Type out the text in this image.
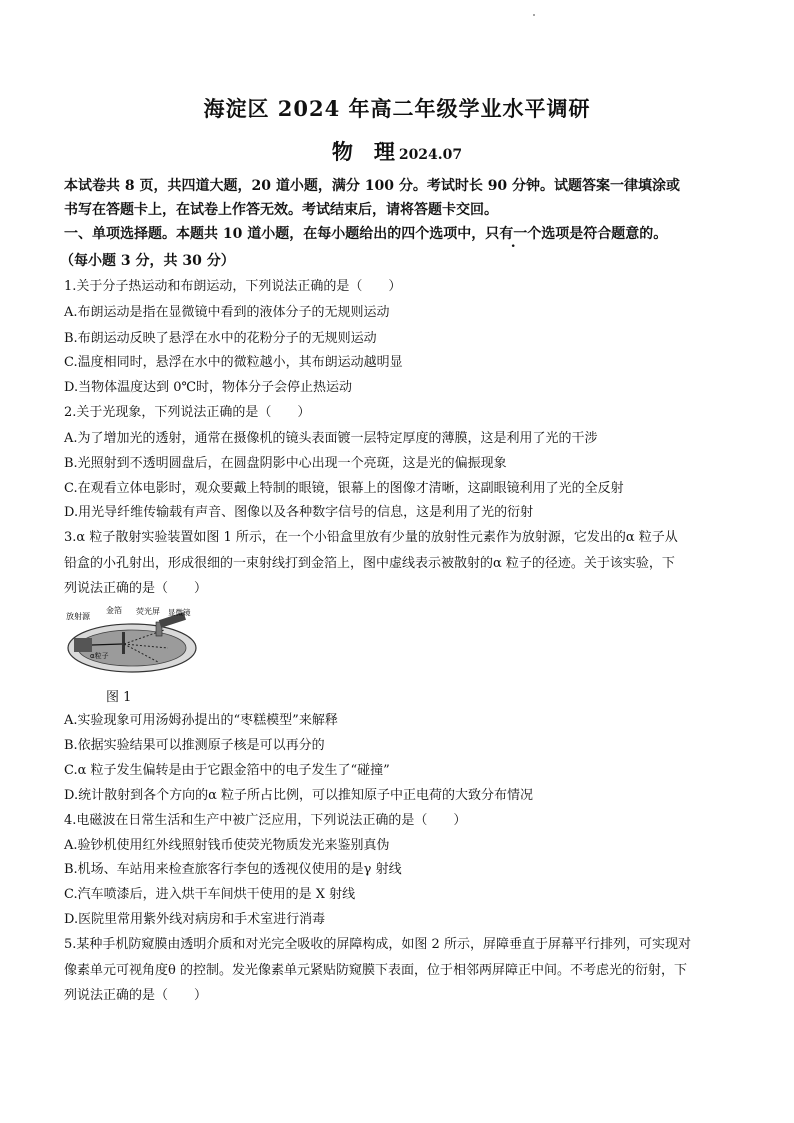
海淀区 2024 年高二年级学业水平调研
物　理 2024.07
本试卷共 8 页，共四道大题，20 道小题，满分 100 分。考试时长 90 分钟。试题答案一律填涂或
书写在答题卡上，在试卷上作答无效。考试结束后，请将答题卡交回。
一、单项选择题。本题共 10 道小题，在每小题给出的四个选项中，只有一个选项是符合题意的。
（每小题 3 分，共 30 分）
1.关于分子热运动和布朗运动，下列说法正确的是（　　）
A.布朗运动是指在显微镜中看到的液体分子的无规则运动
B.布朗运动反映了悬浮在水中的花粉分子的无规则运动
C.温度相同时，悬浮在水中的微粒越小，其布朗运动越明显
D.当物体温度达到 0℃时，物体分子会停止热运动
2.关于光现象，下列说法正确的是（　　）
A.为了增加光的透射，通常在摄像机的镜头表面镀一层特定厚度的薄膜，这是利用了光的干涉
B.光照射到不透明圆盘后，在圆盘阴影中心出现一个亮斑，这是光的偏振现象
C.在观看立体电影时，观众要戴上特制的眼镜，银幕上的图像才清晰，这副眼镜利用了光的全反射
D.用光导纤维传输载有声音、图像以及各种数字信号的信息，这是利用了光的衍射
3.α 粒子散射实验装置如图 1 所示，在一个小铅盒里放有少量的放射性元素作为放射源，它发出的α 粒子从
铅盒的小孔射出，形成很细的一束射线打到金箔上，图中虚线表示被散射的α 粒子的径迹。关于该实验，下
列说法正确的是（　　）
放射源
金箔 荧光屏 显微镜
α粒子
图 1
A.实验现象可用汤姆孙提出的“枣糕模型”来解释
B.依据实验结果可以推测原子核是可以再分的
C.α 粒子发生偏转是由于它跟金箔中的电子发生了“碰撞”
D.统计散射到各个方向的α 粒子所占比例，可以推知原子中正电荷的大致分布情况
4.电磁波在日常生活和生产中被广泛应用，下列说法正确的是（　　）
A.验钞机使用红外线照射钱币使荧光物质发光来鉴别真伪
B.机场、车站用来检查旅客行李包的透视仪使用的是γ 射线
C.汽车喷漆后，进入烘干车间烘干使用的是 X 射线
D.医院里常用紫外线对病房和手术室进行消毒
5.某种手机防窥膜由透明介质和对光完全吸收的屏障构成，如图 2 所示，屏障垂直于屏幕平行排列，可实现对
像素单元可视角度θ 的控制。发光像素单元紧贴防窥膜下表面，位于相邻两屏障正中间。不考虑光的衍射，下
列说法正确的是（　　）
